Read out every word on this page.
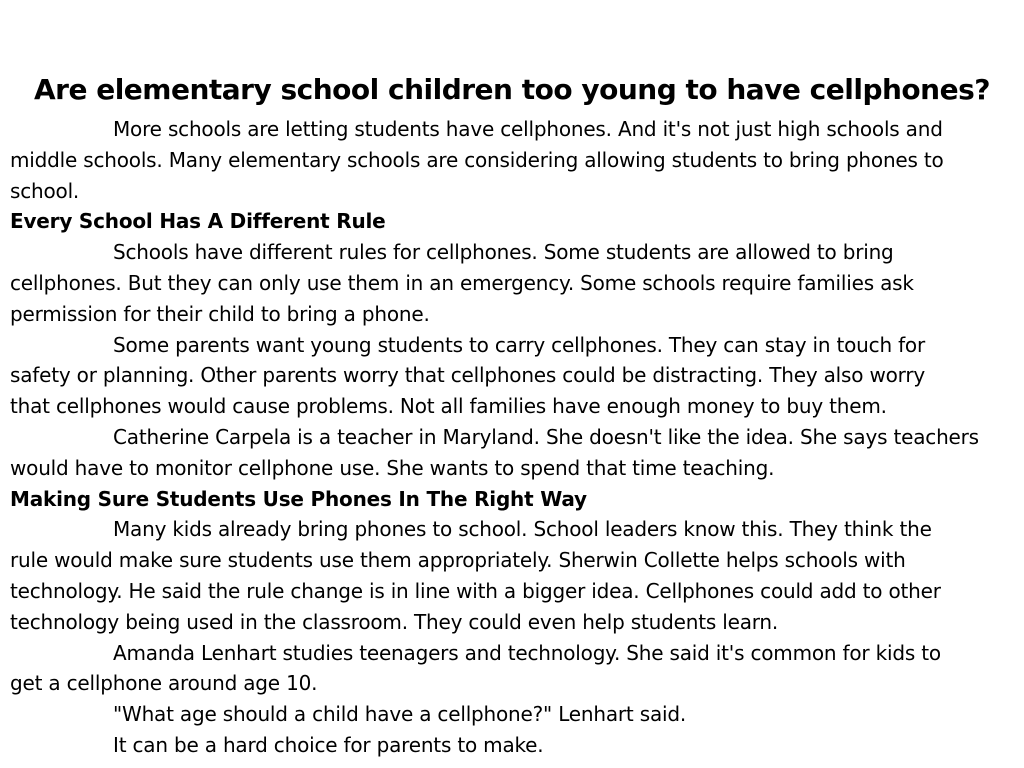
Are elementary school children too young to have cellphones?
More schools are letting students have cellphones. And it's not just high schools and
middle schools. Many elementary schools are considering allowing students to bring phones to
school.
Every School Has A Different Rule
Schools have different rules for cellphones. Some students are allowed to bring
cellphones. But they can only use them in an emergency. Some schools require families ask
permission for their child to bring a phone.
Some parents want young students to carry cellphones. They can stay in touch for
safety or planning. Other parents worry that cellphones could be distracting. They also worry
that cellphones would cause problems. Not all families have enough money to buy them.
Catherine Carpela is a teacher in Maryland. She doesn't like the idea. She says teachers
would have to monitor cellphone use. She wants to spend that time teaching.
Making Sure Students Use Phones In The Right Way
Many kids already bring phones to school. School leaders know this. They think the
rule would make sure students use them appropriately. Sherwin Collette helps schools with
technology. He said the rule change is in line with a bigger idea. Cellphones could add to other
technology being used in the classroom. They could even help students learn.
Amanda Lenhart studies teenagers and technology. She said it's common for kids to
get a cellphone around age 10.
"What age should a child have a cellphone?" Lenhart said.
It can be a hard choice for parents to make.
